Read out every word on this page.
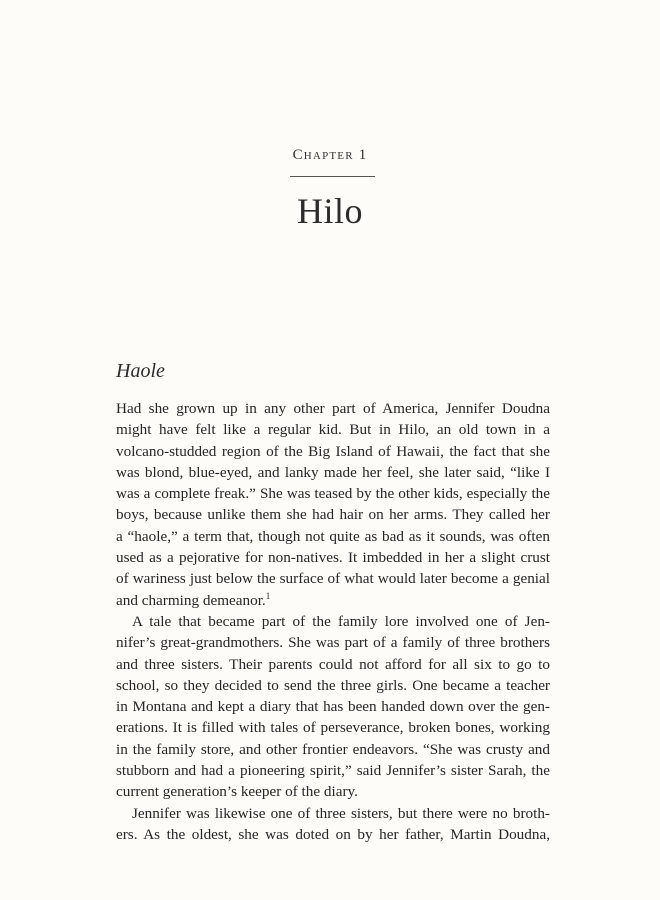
Chapter 1
Hilo
Haole
Had she grown up in any other part of America, Jennifer Doudna
might have felt like a regular kid. But in Hilo, an old town in a
volcano-studded region of the Big Island of Hawaii, the fact that she
was blond, blue-eyed, and lanky made her feel, she later said, “like I
was a complete freak.” She was teased by the other kids, especially the
boys, because unlike them she had hair on her arms. They called her
a “haole,” a term that, though not quite as bad as it sounds, was often
used as a pejorative for non-natives. It imbedded in her a slight crust
of wariness just below the surface of what would later become a genial
and charming demeanor.$^1$
A tale that became part of the family lore involved one of Jen-
nifer’s great-grandmothers. She was part of a family of three brothers
and three sisters. Their parents could not afford for all six to go to
school, so they decided to send the three girls. One became a teacher
in Montana and kept a diary that has been handed down over the gen-
erations. It is filled with tales of perseverance, broken bones, working
in the family store, and other frontier endeavors. “She was crusty and
stubborn and had a pioneering spirit,” said Jennifer’s sister Sarah, the
current generation’s keeper of the diary.
Jennifer was likewise one of three sisters, but there were no broth-
ers. As the oldest, she was doted on by her father, Martin Doudna,
